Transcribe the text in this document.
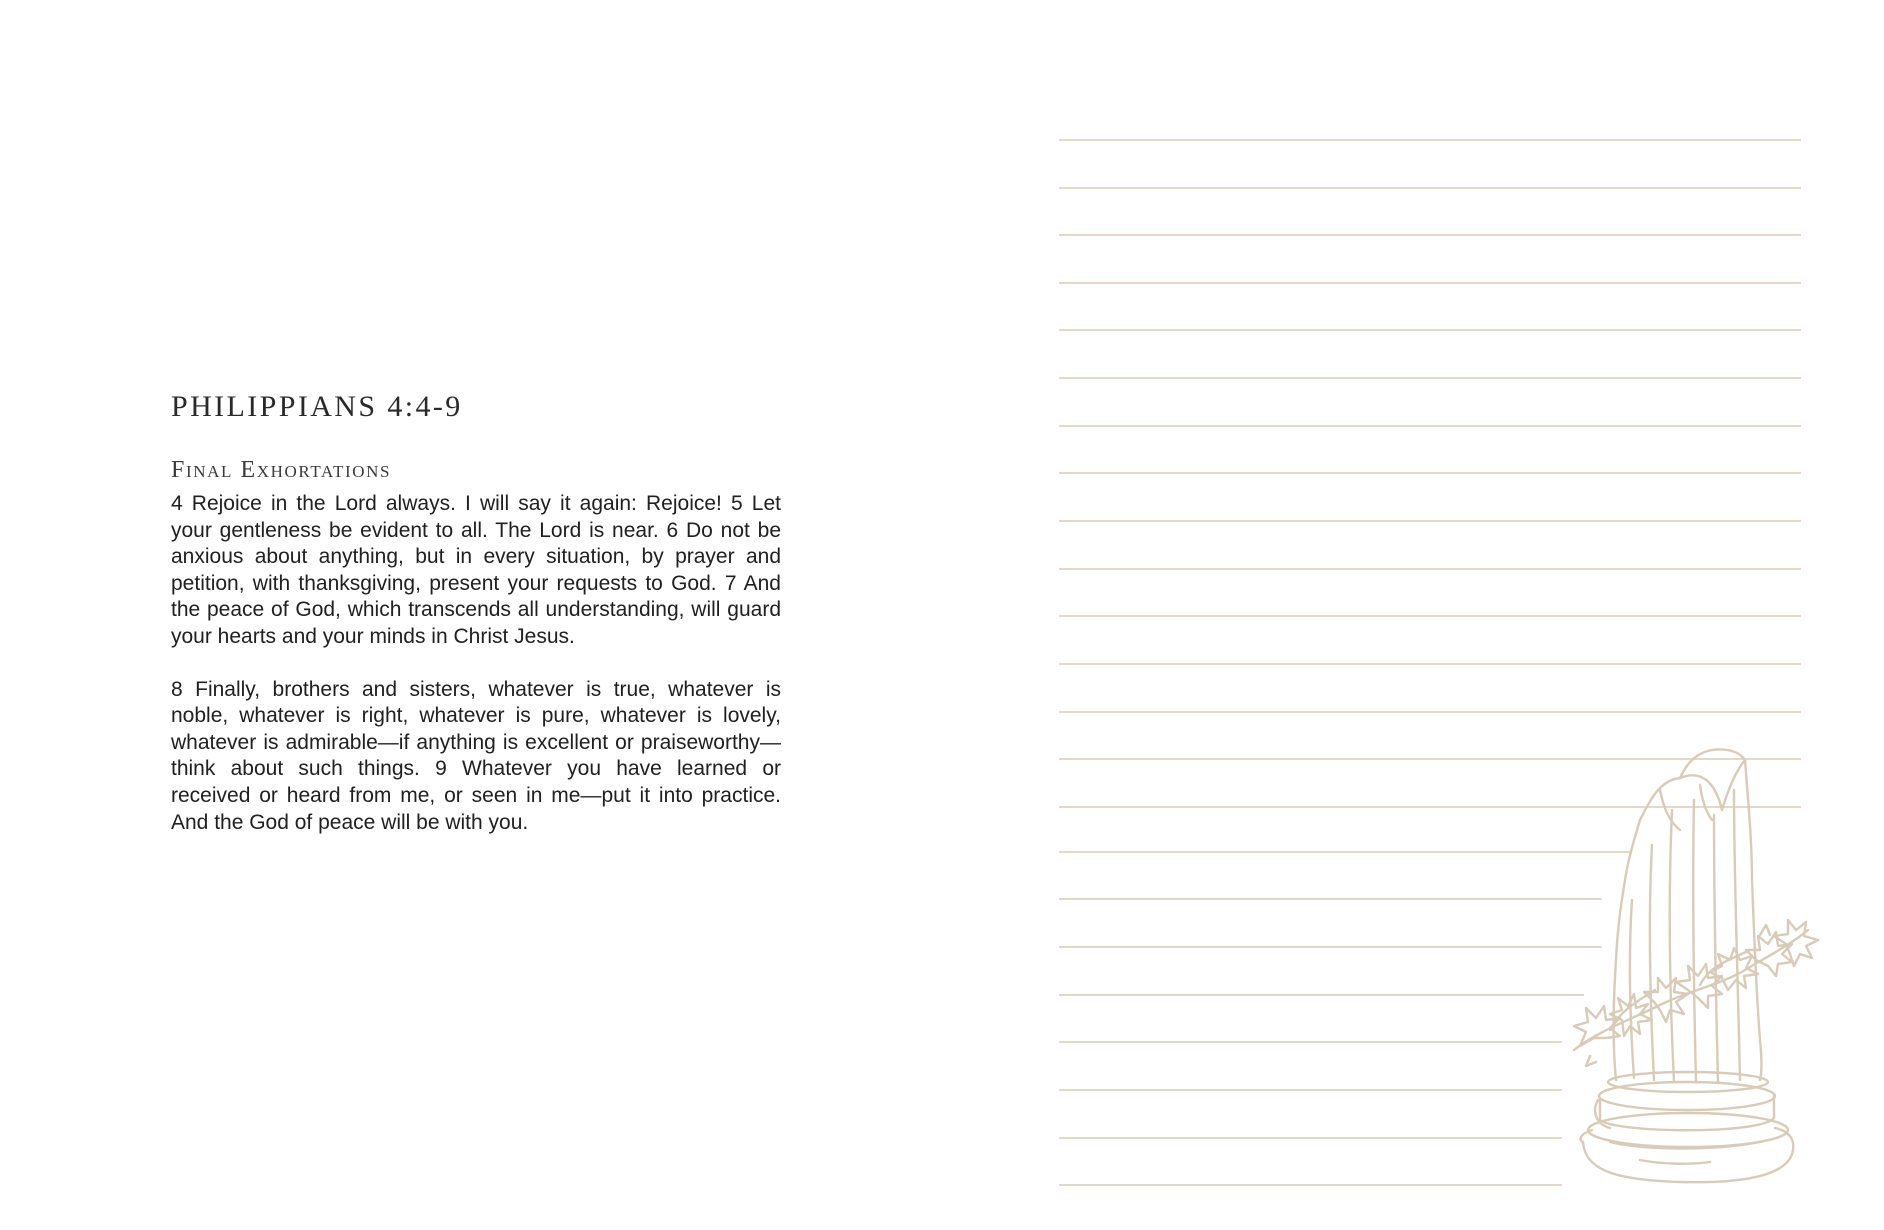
PHILIPPIANS 4:4-9
Final Exhortations

4 Rejoice in the Lord always. I will say it again: Rejoice! 5 Let your gentleness be evident to all. The Lord is near. 6 Do not be anxious about anything, but in every situation, by prayer and petition, with thanksgiving, present your requests to God. 7 And the peace of God, which transcends all understanding, will guard your hearts and your minds in Christ Jesus.

8 Finally, brothers and sisters, whatever is true, whatever is noble, whatever is right, whatever is pure, whatever is lovely, whatever is admirable—if anything is excellent or praiseworthy—think about such things. 9 Whatever you have learned or received or heard from me, or seen in me—put it into practice. And the God of peace will be with you.
